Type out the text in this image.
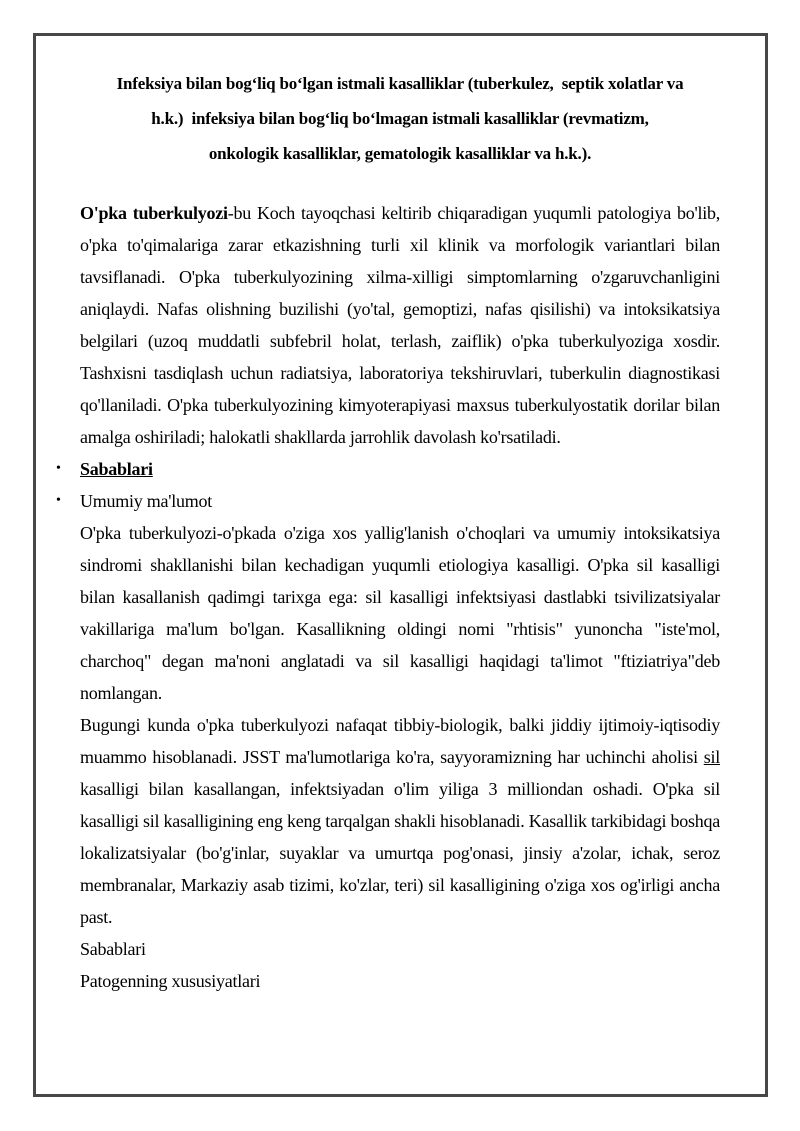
Infeksiya bilan bog‘liq bo‘lgan istmali kasalliklar (tuberkulez,  septik xolatlar va
h.k.)  infeksiya bilan bog‘liq bo‘lmagan istmali kasalliklar (revmatizm,
onkologik kasalliklar, gematologik kasalliklar va h.k.).

O'pka tuberkulyozi-bu Koch tayoqchasi keltirib chiqaradigan yuqumli patologiya bo'lib, o'pka to'qimalariga zarar etkazishning turli xil klinik va morfologik variantlari bilan tavsiflanadi. O'pka tuberkulyozining xilma-xilligi simptomlarning o'zgaruvchanligini aniqlaydi. Nafas olishning buzilishi (yo'tal, gemoptizi, nafas qisilishi) va intoksikatsiya belgilari (uzoq muddatli subfebril holat, terlash, zaiflik) o'pka tuberkulyoziga xosdir. Tashxisni tasdiqlash uchun radiatsiya, laboratoriya tekshiruvlari, tuberkulin diagnostikasi qo'llaniladi. O'pka tuberkulyozining kimyoterapiyasi maxsus tuberkulyostatik dorilar bilan amalga oshiriladi; halokatli shakllarda jarrohlik davolash ko'rsatiladi.

• Sabablari
• Umumiy ma'lumot

O'pka tuberkulyozi-o'pkada o'ziga xos yallig'lanish o'choqlari va umumiy intoksikatsiya sindromi shakllanishi bilan kechadigan yuqumli etiologiya kasalligi. O'pka sil kasalligi bilan kasallanish qadimgi tarixga ega: sil kasalligi infektsiyasi dastlabki tsivilizatsiyalar vakillariga ma'lum bo'lgan. Kasallikning oldingi nomi "rhtisis" yunoncha "iste'mol, charchoq" degan ma'noni anglatadi va sil kasalligi haqidagi ta'limot "ftiziatriya"deb nomlangan.

Bugungi kunda o'pka tuberkulyozi nafaqat tibbiy-biologik, balki jiddiy ijtimoiy-iqtisodiy muammo hisoblanadi. JSST ma'lumotlariga ko'ra, sayyoramizning har uchinchi aholisi sil kasalligi bilan kasallangan, infektsiyadan o'lim yiliga 3 milliondan oshadi. O'pka sil kasalligi sil kasalligining eng keng tarqalgan shakli hisoblanadi. Kasallik tarkibidagi boshqa lokalizatsiyalar (bo'g'inlar, suyaklar va umurtqa pog'onasi, jinsiy a'zolar, ichak, seroz membranalar, Markaziy asab tizimi, ko'zlar, teri) sil kasalligining o'ziga xos og'irligi ancha past.

Sabablari

Patogenning xususiyatlari
